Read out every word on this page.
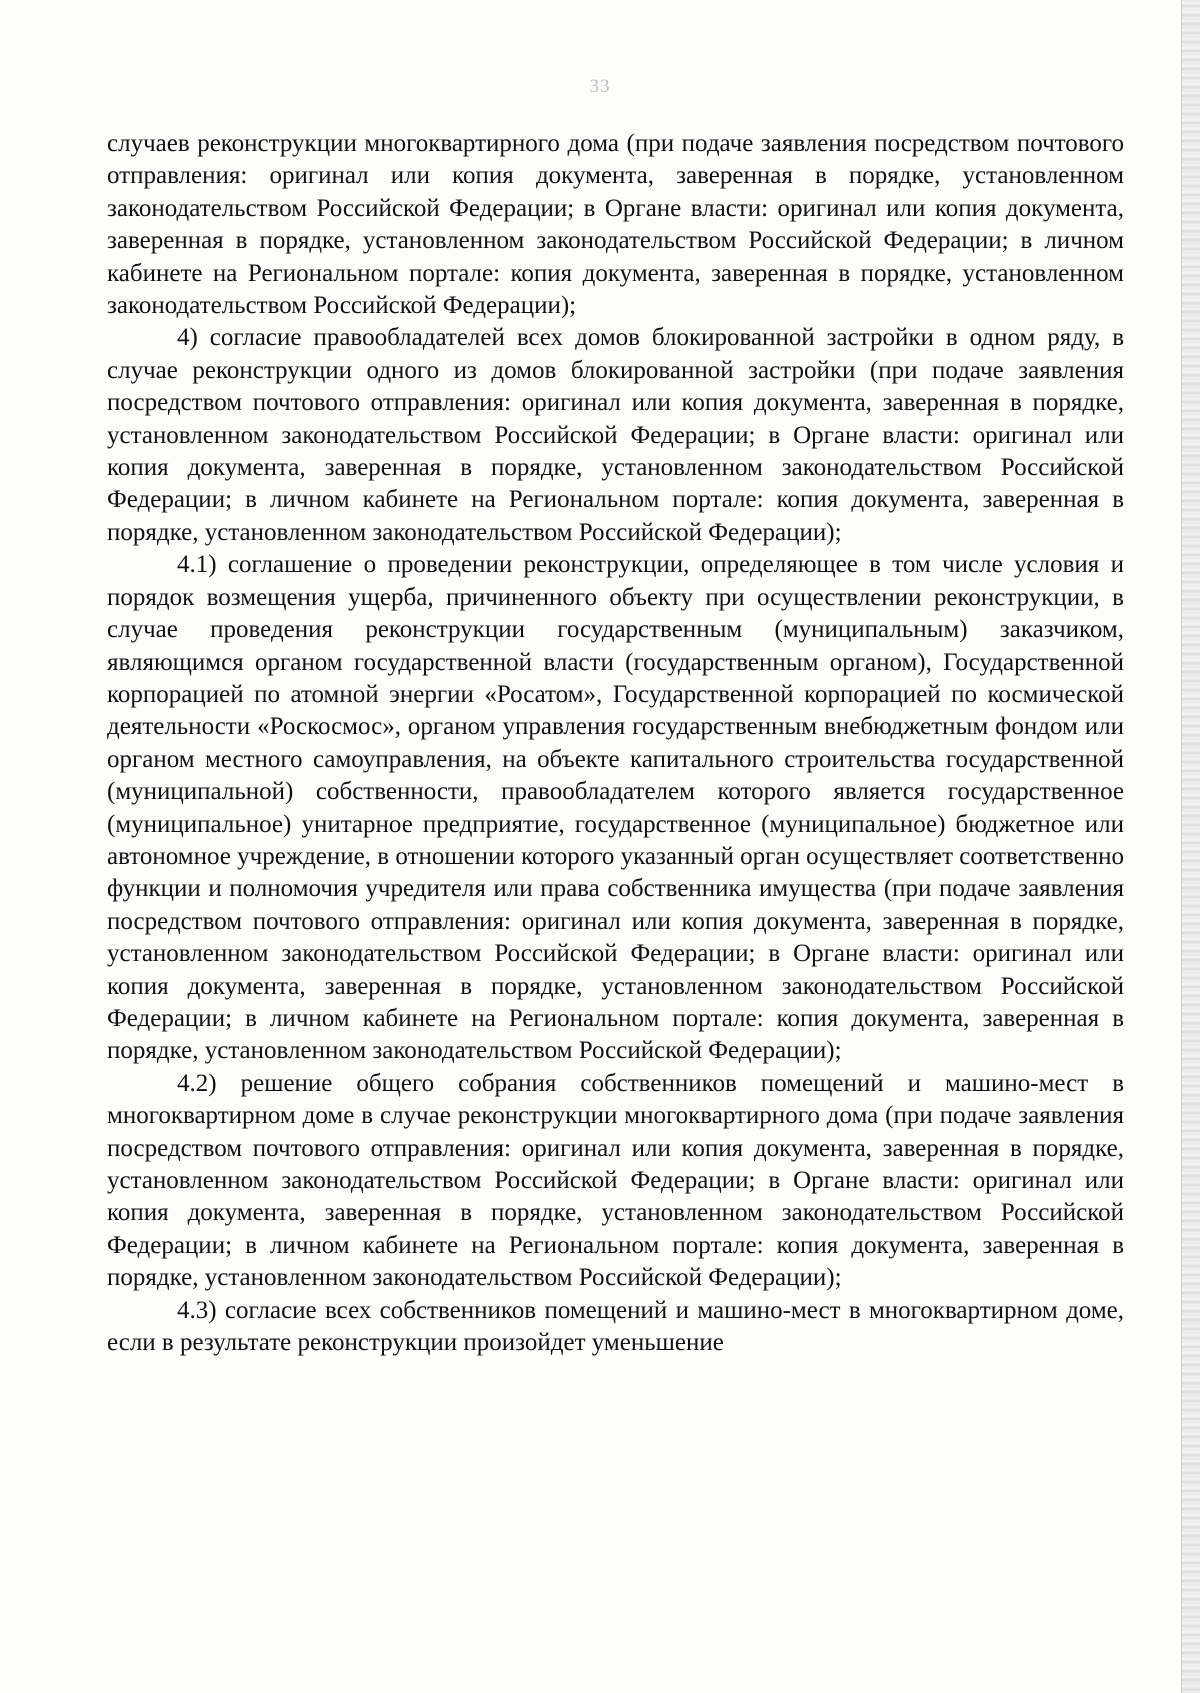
33

случаев реконструкции многоквартирного дома (при подаче заявления посредством почтового отправления: оригинал или копия документа, заверенная в порядке, установленном законодательством Российской Федерации; в Органе власти: оригинал или копия документа, заверенная в порядке, установленном законодательством Российской Федерации; в личном кабинете на Региональном портале: копия документа, заверенная в порядке, установленном законодательством Российской Федерации);

4) согласие правообладателей всех домов блокированной застройки в одном ряду, в случае реконструкции одного из домов блокированной застройки (при подаче заявления посредством почтового отправления: оригинал или копия документа, заверенная в порядке, установленном законодательством Российской Федерации; в Органе власти: оригинал или копия документа, заверенная в порядке, установленном законодательством Российской Федерации; в личном кабинете на Региональном портале: копия документа, заверенная в порядке, установленном законодательством Российской Федерации);

4.1) соглашение о проведении реконструкции, определяющее в том числе условия и порядок возмещения ущерба, причиненного объекту при осуществлении реконструкции, в случае проведения реконструкции государственным (муниципальным) заказчиком, являющимся органом государственной власти (государственным органом), Государственной корпорацией по атомной энергии «Росатом», Государственной корпорацией по космической деятельности «Роскосмос», органом управления государственным внебюджетным фондом или органом местного самоуправления, на объекте капитального строительства государственной (муниципальной) собственности, правообладателем которого является государственное (муниципальное) унитарное предприятие, государственное (муниципальное) бюджетное или автономное учреждение, в отношении которого указанный орган осуществляет соответственно функции и полномочия учредителя или права собственника имущества (при подаче заявления посредством почтового отправления: оригинал или копия документа, заверенная в порядке, установленном законодательством Российской Федерации; в Органе власти: оригинал или копия документа, заверенная в порядке, установленном законодательством Российской Федерации; в личном кабинете на Региональном портале: копия документа, заверенная в порядке, установленном законодательством Российской Федерации);

4.2) решение общего собрания собственников помещений и машино-мест в многоквартирном доме в случае реконструкции многоквартирного дома (при подаче заявления посредством почтового отправления: оригинал или копия документа, заверенная в порядке, установленном законодательством Российской Федерации; в Органе власти: оригинал или копия документа, заверенная в порядке, установленном законодательством Российской Федерации; в личном кабинете на Региональном портале: копия документа, заверенная в порядке, установленном законодательством Российской Федерации);

4.3) согласие всех собственников помещений и машино-мест в многоквартирном доме, если в результате реконструкции произойдет уменьшение
